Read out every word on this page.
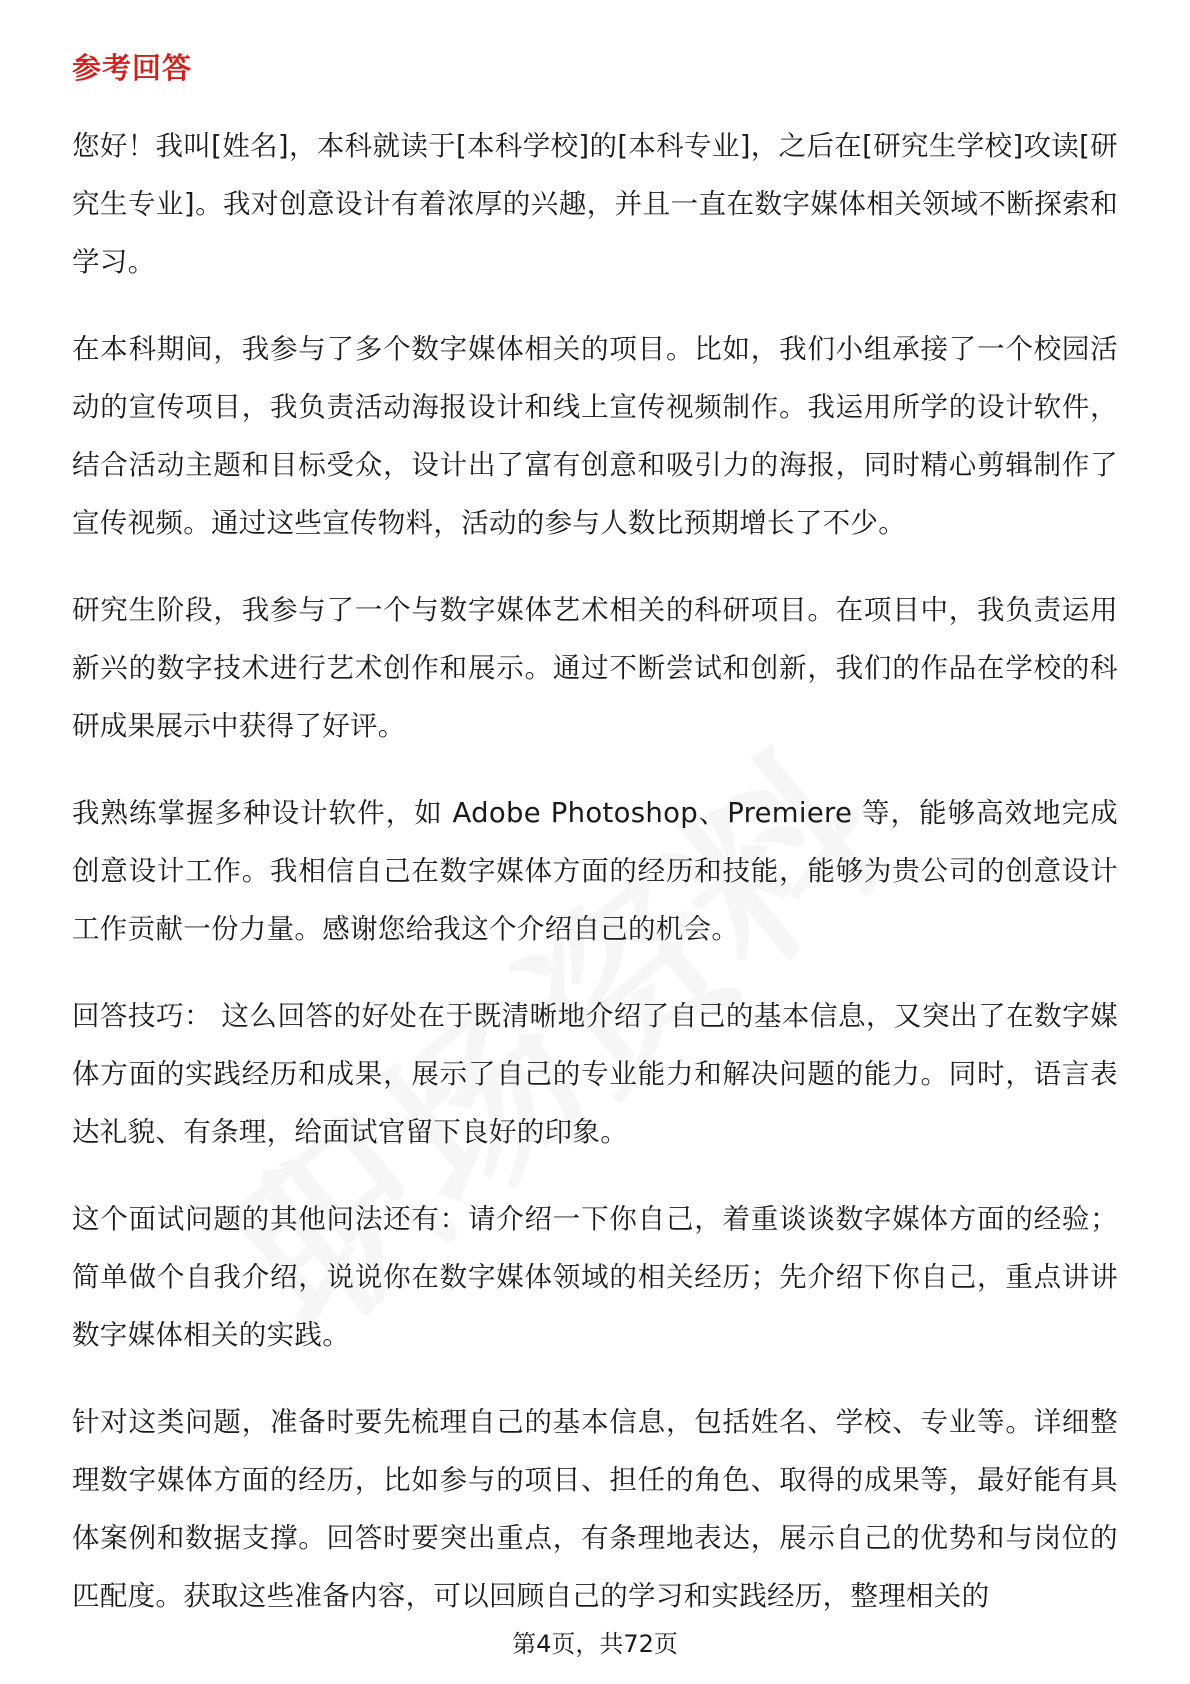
参考回答

您好！我叫[姓名]，本科就读于[本科学校]的[本科专业]，之后在[研究生学校]攻读[研究生专业]。我对创意设计有着浓厚的兴趣，并且一直在数字媒体相关领域不断探索和学习。

在本科期间，我参与了多个数字媒体相关的项目。比如，我们小组承接了一个校园活动的宣传项目，我负责活动海报设计和线上宣传视频制作。我运用所学的设计软件，结合活动主题和目标受众，设计出了富有创意和吸引力的海报，同时精心剪辑制作了宣传视频。通过这些宣传物料，活动的参与人数比预期增长了不少。

研究生阶段，我参与了一个与数字媒体艺术相关的科研项目。在项目中，我负责运用新兴的数字技术进行艺术创作和展示。通过不断尝试和创新，我们的作品在学校的科研成果展示中获得了好评。

我熟练掌握多种设计软件，如 Adobe Photoshop、Premiere 等，能够高效地完成创意设计工作。我相信自己在数字媒体方面的经历和技能，能够为贵公司的创意设计工作贡献一份力量。感谢您给我这个介绍自己的机会。

回答技巧： 这么回答的好处在于既清晰地介绍了自己的基本信息，又突出了在数字媒体方面的实践经历和成果，展示了自己的专业能力和解决问题的能力。同时，语言表达礼貌、有条理，给面试官留下良好的印象。

这个面试问题的其他问法还有：请介绍一下你自己，着重谈谈数字媒体方面的经验；简单做个自我介绍，说说你在数字媒体领域的相关经历；先介绍下你自己，重点讲讲数字媒体相关的实践。

针对这类问题，准备时要先梳理自己的基本信息，包括姓名、学校、专业等。详细整理数字媒体方面的经历，比如参与的项目、担任的角色、取得的成果等，最好能有具体案例和数据支撑。回答时要突出重点，有条理地表达，展示自己的优势和与岗位的匹配度。获取这些准备内容，可以回顾自己的学习和实践经历，整理相关的

第4页，共72页
